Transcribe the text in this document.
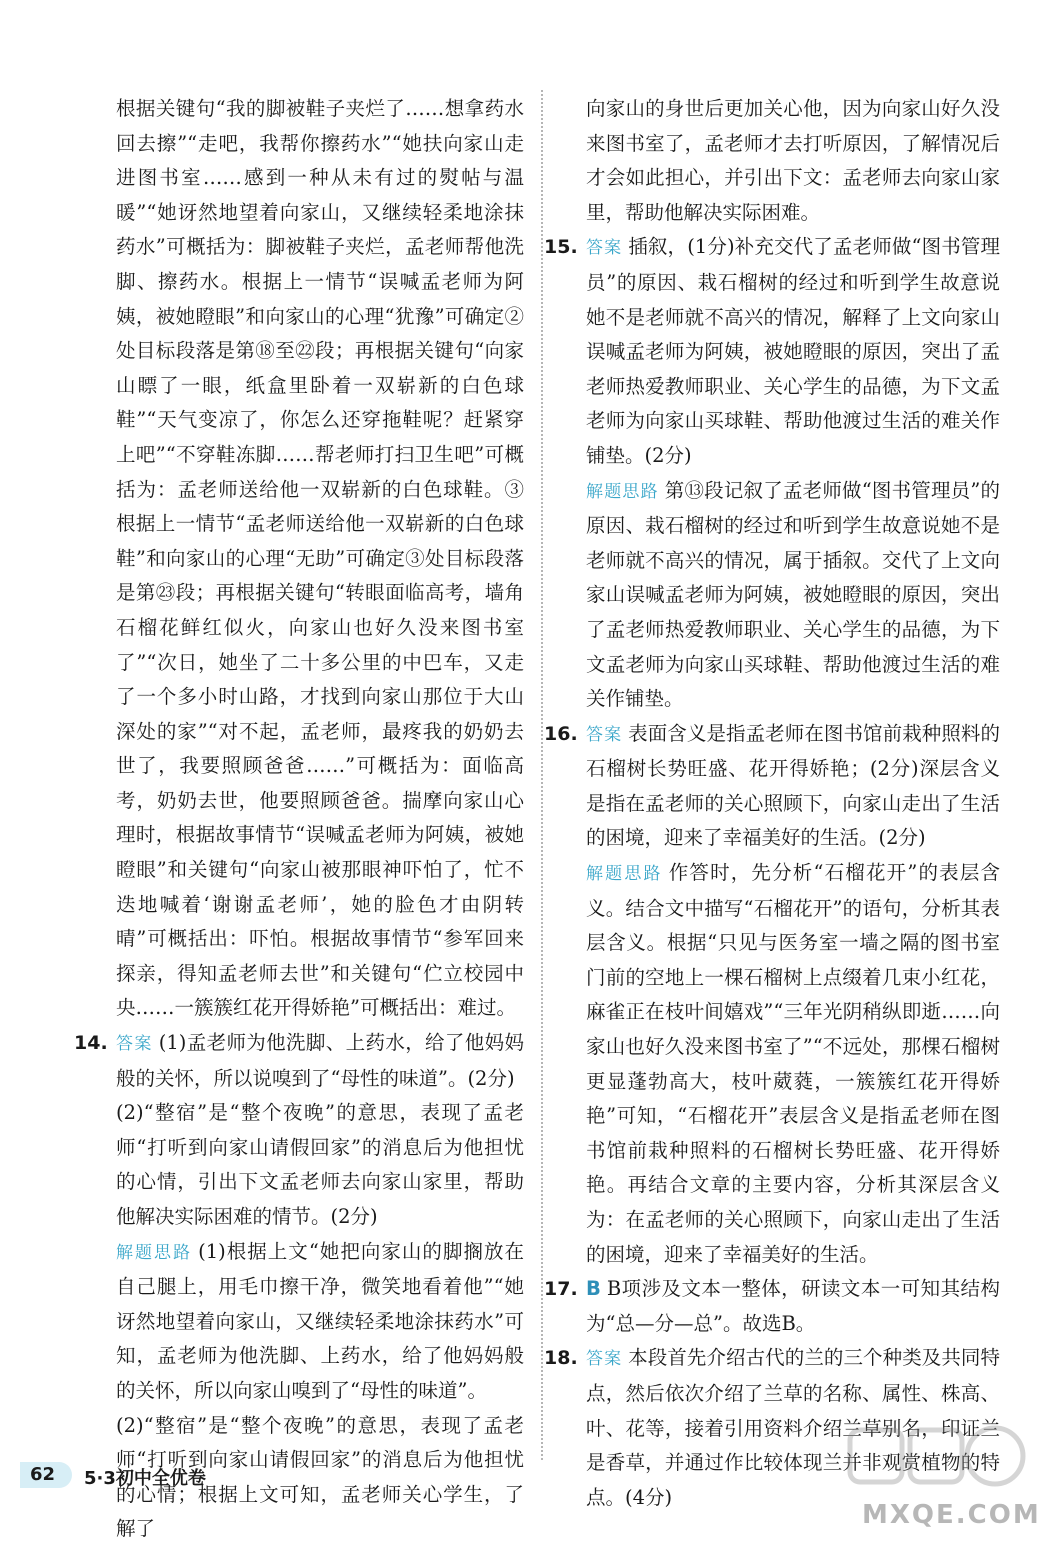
根据关键句“我的脚被鞋子夹烂了……想拿药水回去擦”“走吧，我帮你擦药水”“她扶向家山走进图书室……感到一种从未有过的熨帖与温暖”“她讶然地望着向家山，又继续轻柔地涂抹药水”可概括为：脚被鞋子夹烂，孟老师帮他洗脚、擦药水。根据上一情节“误喊孟老师为阿姨，被她瞪眼”和向家山的心理“犹豫”可确定②处目标段落是第⑱至㉒段；再根据关键句“向家山瞟了一眼，纸盒里卧着一双崭新的白色球鞋”“天气变凉了，你怎么还穿拖鞋呢？赶紧穿上吧”“不穿鞋冻脚……帮老师打扫卫生吧”可概括为：孟老师送给他一双崭新的白色球鞋。③根据上一情节“孟老师送给他一双崭新的白色球鞋”和向家山的心理“无助”可确定③处目标段落是第㉓段；再根据关键句“转眼面临高考，墙角石榴花鲜红似火，向家山也好久没来图书室了”“次日，她坐了二十多公里的中巴车，又走了一个多小时山路，才找到向家山那位于大山深处的家”“对不起，孟老师，最疼我的奶奶去世了，我要照顾爸爸……”可概括为：面临高考，奶奶去世，他要照顾爸爸。揣摩向家山心理时，根据故事情节“误喊孟老师为阿姨，被她瞪眼”和关键句“向家山被那眼神吓怕了，忙不迭地喊着‘谢谢孟老师’，她的脸色才由阴转晴”可概括出：吓怕。根据故事情节“参军回来探亲，得知孟老师去世”和关键句“伫立校园中央……一簇簇红花开得娇艳”可概括出：难过。

14. 答案 (1)孟老师为他洗脚、上药水，给了他妈妈般的关怀，所以说嗅到了“母性的味道”。(2分)
(2)“整宿”是“整个夜晚”的意思，表现了孟老师“打听到向家山请假回家”的消息后为他担忧的心情，引出下文孟老师去向家山家里，帮助他解决实际困难的情节。(2分)
解题思路 (1)根据上文“她把向家山的脚搁放在自己腿上，用毛巾擦干净，微笑地看着他”“她讶然地望着向家山，又继续轻柔地涂抹药水”可知，孟老师为他洗脚、上药水，给了他妈妈般的关怀，所以向家山嗅到了“母性的味道”。
(2)“整宿”是“整个夜晚”的意思，表现了孟老师“打听到向家山请假回家”的消息后为他担忧的心情；根据上文可知，孟老师关心学生，了解了

向家山的身世后更加关心他，因为向家山好久没来图书室了，孟老师才去打听原因，了解情况后才会如此担心，并引出下文：孟老师去向家山家里，帮助他解决实际困难。

15. 答案 插叙，(1分)补充交代了孟老师做“图书管理员”的原因、栽石榴树的经过和听到学生故意说她不是老师就不高兴的情况，解释了上文向家山误喊孟老师为阿姨，被她瞪眼的原因，突出了孟老师热爱教师职业、关心学生的品德，为下文孟老师为向家山买球鞋、帮助他渡过生活的难关作铺垫。(2分)
解题思路 第⑬段记叙了孟老师做“图书管理员”的原因、栽石榴树的经过和听到学生故意说她不是老师就不高兴的情况，属于插叙。交代了上文向家山误喊孟老师为阿姨，被她瞪眼的原因，突出了孟老师热爱教师职业、关心学生的品德，为下文孟老师为向家山买球鞋、帮助他渡过生活的难关作铺垫。
16. 答案 表面含义是指孟老师在图书馆前栽种照料的石榴树长势旺盛、花开得娇艳；(2分)深层含义是指在孟老师的关心照顾下，向家山走出了生活的困境，迎来了幸福美好的生活。(2分)
解题思路 作答时，先分析“石榴花开”的表层含义。结合文中描写“石榴花开”的语句，分析其表层含义。根据“只见与医务室一墙之隔的图书室门前的空地上一棵石榴树上点缀着几束小红花，麻雀正在枝叶间嬉戏”“三年光阴稍纵即逝……向家山也好久没来图书室了”“不远处，那棵石榴树更显蓬勃高大，枝叶葳蕤，一簇簇红花开得娇艳”可知，“石榴花开”表层含义是指孟老师在图书馆前栽种照料的石榴树长势旺盛、花开得娇艳。再结合文章的主要内容，分析其深层含义为：在孟老师的关心照顾下，向家山走出了生活的困境，迎来了幸福美好的生活。
17. B B项涉及文本一整体，研读文本一可知其结构为“总—分—总”。故选B。
18. 答案 本段首先介绍古代的兰的三个种类及共同特点，然后依次介绍了兰草的名称、属性、株高、叶、花等，接着引用资料介绍兰草别名，印证兰是香草，并通过作比较体现兰并非观赏植物的特点。(4分)
62 5·3初中全优卷
MXQE.COM
